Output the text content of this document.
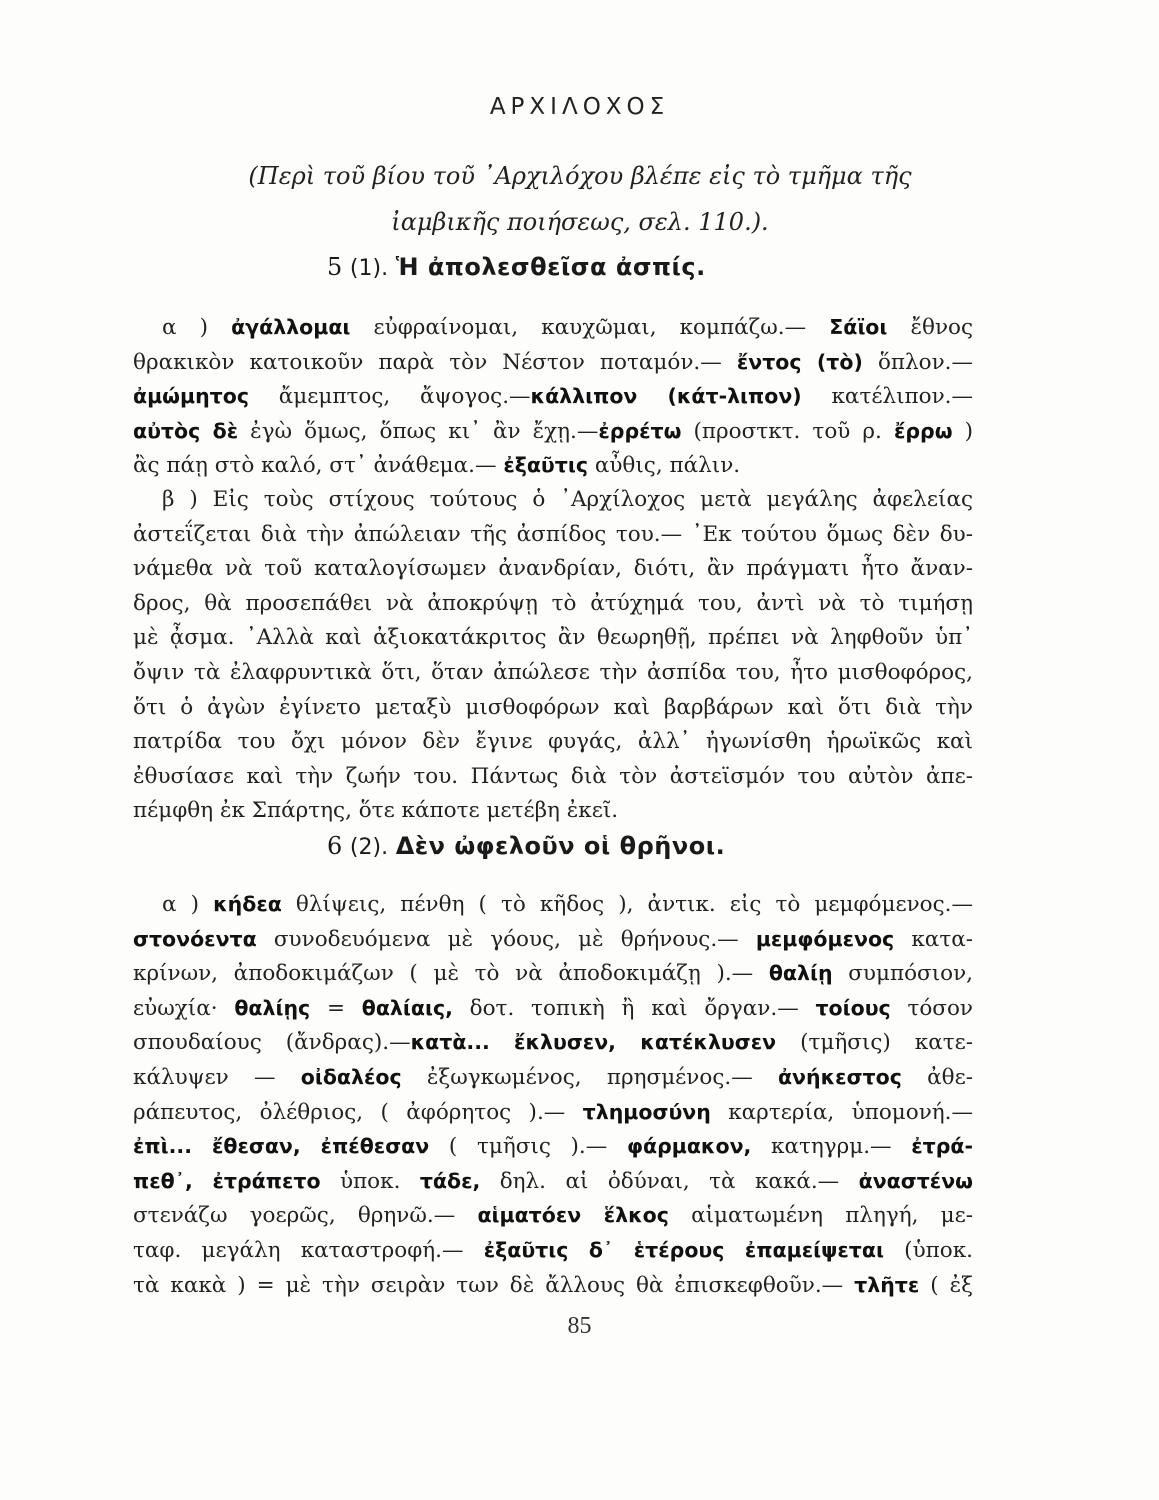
ΑΡΧΙΛΟΧΟΣ
(Περὶ τοῦ βίου τοῦ ᾿Αρχιλόχου βλέπε εἰς τὸ τμῆμα τῆς
ἰαμβικῆς ποιήσεως, σελ. 110.).
5 (1). Ἡ ἀπολεσθεῖσα ἀσπίς.
α ) ἀγάλλομαι εὐφραίνομαι, καυχῶμαι, κομπάζω.— Σάϊοι ἔθνος
θρακικὸν κατοικοῦν παρὰ τὸν Νέστον ποταμόν.— ἔντος (τὸ) ὅπλον.—
ἀμώμητος ἄμεμπτος, ἄψογος.—κάλλιπον (κάτ-λιπον) κατέλιπον.—
αὐτὸς δὲ ἐγὼ ὅμως, ὅπως κι᾿ ἂν ἔχῃ.—ἐρρέτω (προστκτ. τοῦ ρ. ἔρρω )
ἂς πάῃ στὸ καλό, στ᾿ ἀνάθεμα.— ἐξαῦτις αὖθις, πάλιν.
β ) Εἰς τοὺς στίχους τούτους ὁ ᾿Αρχίλοχος μετὰ μεγάλης ἀφελείας
ἀστεΐζεται διὰ τὴν ἀπώλειαν τῆς ἀσπίδος του.— ᾿Εκ τούτου ὅμως δὲν δυ-
νάμεθα νὰ τοῦ καταλογίσωμεν ἀνανδρίαν, διότι, ἂν πράγματι ἦτο ἄναν-
δρος, θὰ προσεπάθει νὰ ἀποκρύψῃ τὸ ἀτύχημά του, ἀντὶ νὰ τὸ τιμήσῃ
μὲ ᾆσμα. ᾿Αλλὰ καὶ ἀξιοκατάκριτος ἂν θεωρηθῇ, πρέπει νὰ ληφθοῦν ὑπ᾿
ὄψιν τὰ ἐλαφρυντικὰ ὅτι, ὅταν ἀπώλεσε τὴν ἀσπίδα του, ἦτο μισθοφόρος,
ὅτι ὁ ἀγὼν ἐγίνετο μεταξὺ μισθοφόρων καὶ βαρβάρων καὶ ὅτι διὰ τὴν
πατρίδα του ὄχι μόνον δὲν ἔγινε φυγάς, ἀλλ᾿ ἠγωνίσθη ἡρωϊκῶς καὶ
ἐθυσίασε καὶ τὴν ζωήν του. Πάντως διὰ τὸν ἀστεϊσμόν του αὐτὸν ἀπε-
πέμφθη ἐκ Σπάρτης, ὅτε κάποτε μετέβη ἐκεῖ.
6 (2). Δὲν ὠφελοῦν οἱ θρῆνοι.
α ) κήδεα θλίψεις, πένθη ( τὸ κῆδος ), ἀντικ. εἰς τὸ μεμφόμενος.—
στονόεντα συνοδευόμενα μὲ γόους, μὲ θρήνους.— μεμφόμενος κατα-
κρίνων, ἀποδοκιμάζων ( μὲ τὸ νὰ ἀποδοκιμάζῃ ).— θαλίῃ συμπόσιον,
εὐωχία· θαλίῃς = θαλίαις, δοτ. τοπικὴ ἢ καὶ ὄργαν.— τοίους τόσον
σπουδαίους (ἄνδρας).—κατὰ... ἔκλυσεν, κατέκλυσεν (τμῆσις) κατε-
κάλυψεν — οἰδαλέος ἐξωγκωμένος, πρησμένος.— ἀνήκεστος ἀθε-
ράπευτος, ὀλέθριος, ( ἀφόρητος ).— τλημοσύνη καρτερία, ὑπομονή.—
ἐπὶ... ἔθεσαν, ἐπέθεσαν ( τμῆσις ).— φάρμακον, κατηγρμ.— ἐτρά-
πεθ᾿, ἐτράπετο ὑποκ. τάδε, δηλ. αἱ ὀδύναι, τὰ κακά.— ἀναστένω
στενάζω γοερῶς, θρηνῶ.— αἱματόεν ἕλκος αἱματωμένη πληγή, με-
ταφ. μεγάλη καταστροφή.— ἐξαῦτις δ᾿ ἑτέρους ἐπαμείψεται (ὑποκ.
τὰ κακὰ ) = μὲ τὴν σειρὰν των δὲ ἄλλους θὰ ἐπισκεφθοῦν.— τλῆτε ( ἐξ
85
